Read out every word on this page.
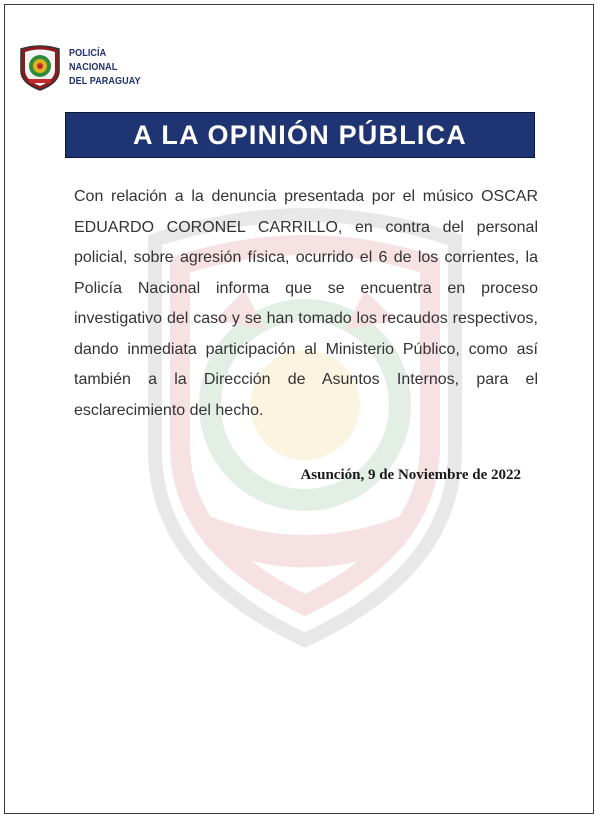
POLICÍA
NACIONAL
DEL PARAGUAY
A LA OPINIÓN PÚBLICA

Con relación a la denuncia presentada por el músico OSCAR EDUARDO CORONEL CARRILLO, en contra del personal policial, sobre agresión física, ocurrido el 6 de los corrientes, la Policía Nacional informa que se encuentra en proceso investigativo del caso y se han tomado los recaudos respectivos, dando inmediata participación al Ministerio Público, como así también a la Dirección de Asuntos Internos, para el esclarecimiento del hecho.

Asunción, 9 de Noviembre de 2022
